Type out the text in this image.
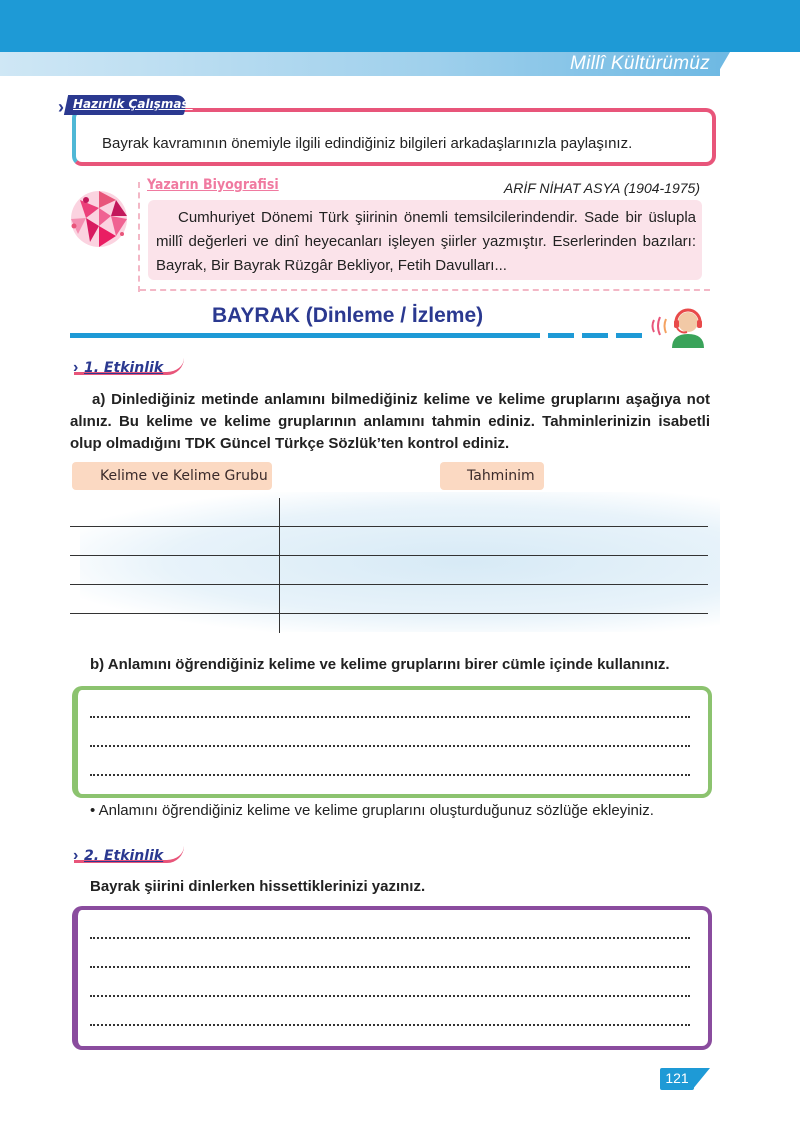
Millî Kültürümüz
› Hazırlık Çalışması
Bayrak kavramının önemiyle ilgili edindiğiniz bilgileri arkadaşlarınızla paylaşınız.
Yazarın Biyografisi	ARİF NİHAT ASYA (1904-1975)
Cumhuriyet Dönemi Türk şiirinin önemli temsilcilerindendir. Sade bir üslupla millî değerleri ve dinî heyecanları işleyen şiirler yazmıştır. Eserlerinden bazıları: Bayrak, Bir Bayrak Rüzgâr Bekliyor, Fetih Davulları...
BAYRAK (Dinleme / İzleme)
› 1. Etkinlik
a) Dinlediğiniz metinde anlamını bilmediğiniz kelime ve kelime gruplarını aşağıya not alınız. Bu kelime ve kelime gruplarının anlamını tahmin ediniz. Tahminlerinizin isabetli olup olmadığını TDK Güncel Türkçe Sözlük’ten kontrol ediniz.
Kelime ve Kelime Grubu	Tahminim
b) Anlamını öğrendiğiniz kelime ve kelime gruplarını birer cümle içinde kullanınız.
• Anlamını öğrendiğiniz kelime ve kelime gruplarını oluşturduğunuz sözlüğe ekleyiniz.
› 2. Etkinlik
Bayrak şiirini dinlerken hissettiklerinizi yazınız.
121
